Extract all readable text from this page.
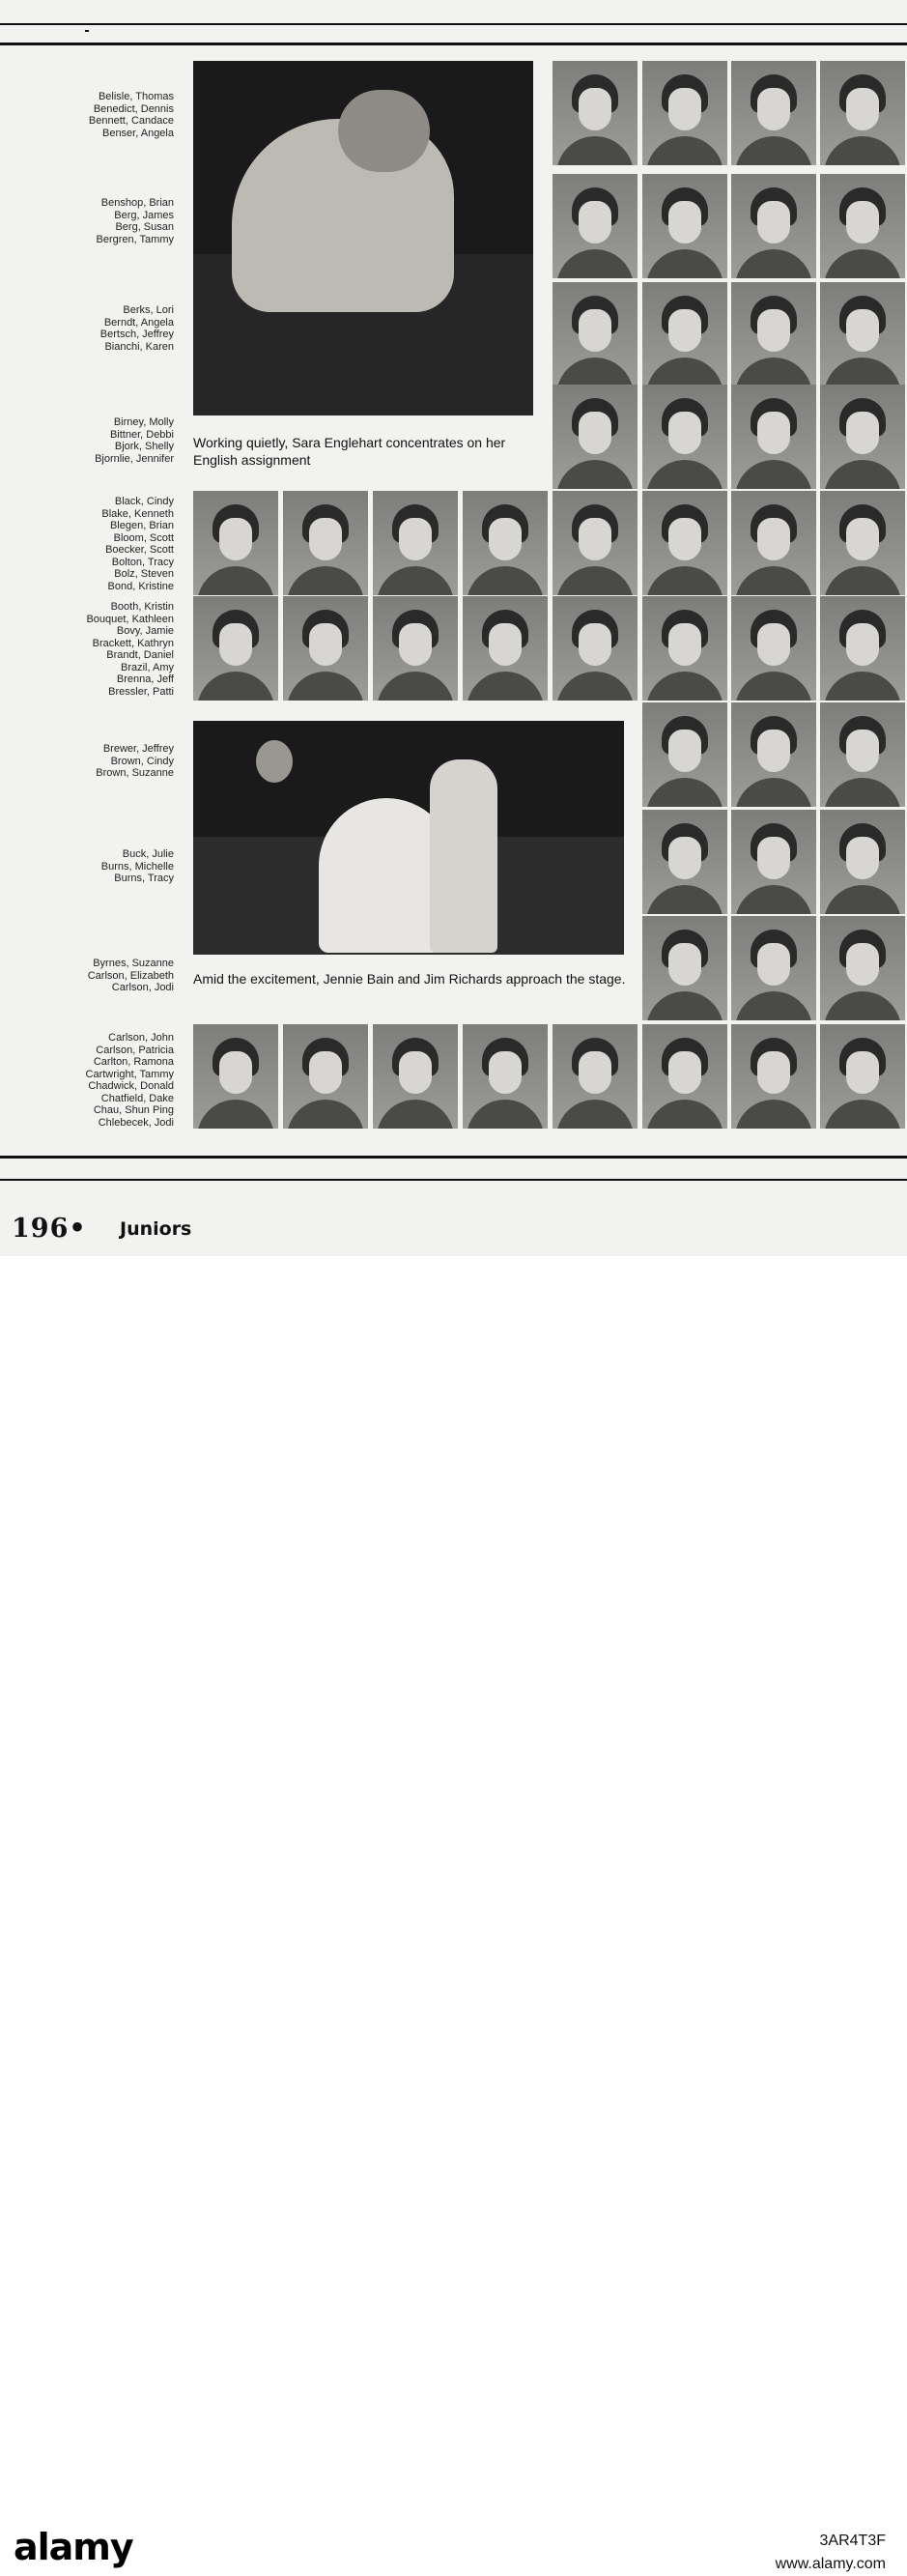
Belisle, Thomas
Benedict, Dennis
Bennett, Candace
Benser, Angela
Benshop, Brian
Berg, James
Berg, Susan
Bergren, Tammy
Berks, Lori
Berndt, Angela
Bertsch, Jeffrey
Bianchi, Karen
Birney, Molly
Bittner, Debbi
Bjork, Shelly
Bjornlie, Jennifer
Black, Cindy
Blake, Kenneth
Blegen, Brian
Bloom, Scott
Boecker, Scott
Bolton, Tracy
Bolz, Steven
Bond, Kristine
Booth, Kristin
Bouquet, Kathleen
Bovy, Jamie
Brackett, Kathryn
Brandt, Daniel
Brazil, Amy
Brenna, Jeff
Bressler, Patti
Brewer, Jeffrey
Brown, Cindy
Brown, Suzanne
Buck, Julie
Burns, Michelle
Burns, Tracy
Byrnes, Suzanne
Carlson, Elizabeth
Carlson, Jodi
Carlson, John
Carlson, Patricia
Carlton, Ramona
Cartwright, Tammy
Chadwick, Donald
Chatfield, Dake
Chau, Shun Ping
Chlebecek, Jodi
Working quietly, Sara Englehart concentrates on her English assignment
Amid the excitement, Jennie Bain and Jim Richards approach the stage.
196• Juniors
alamy	3AR4T3F
www.alamy.com
